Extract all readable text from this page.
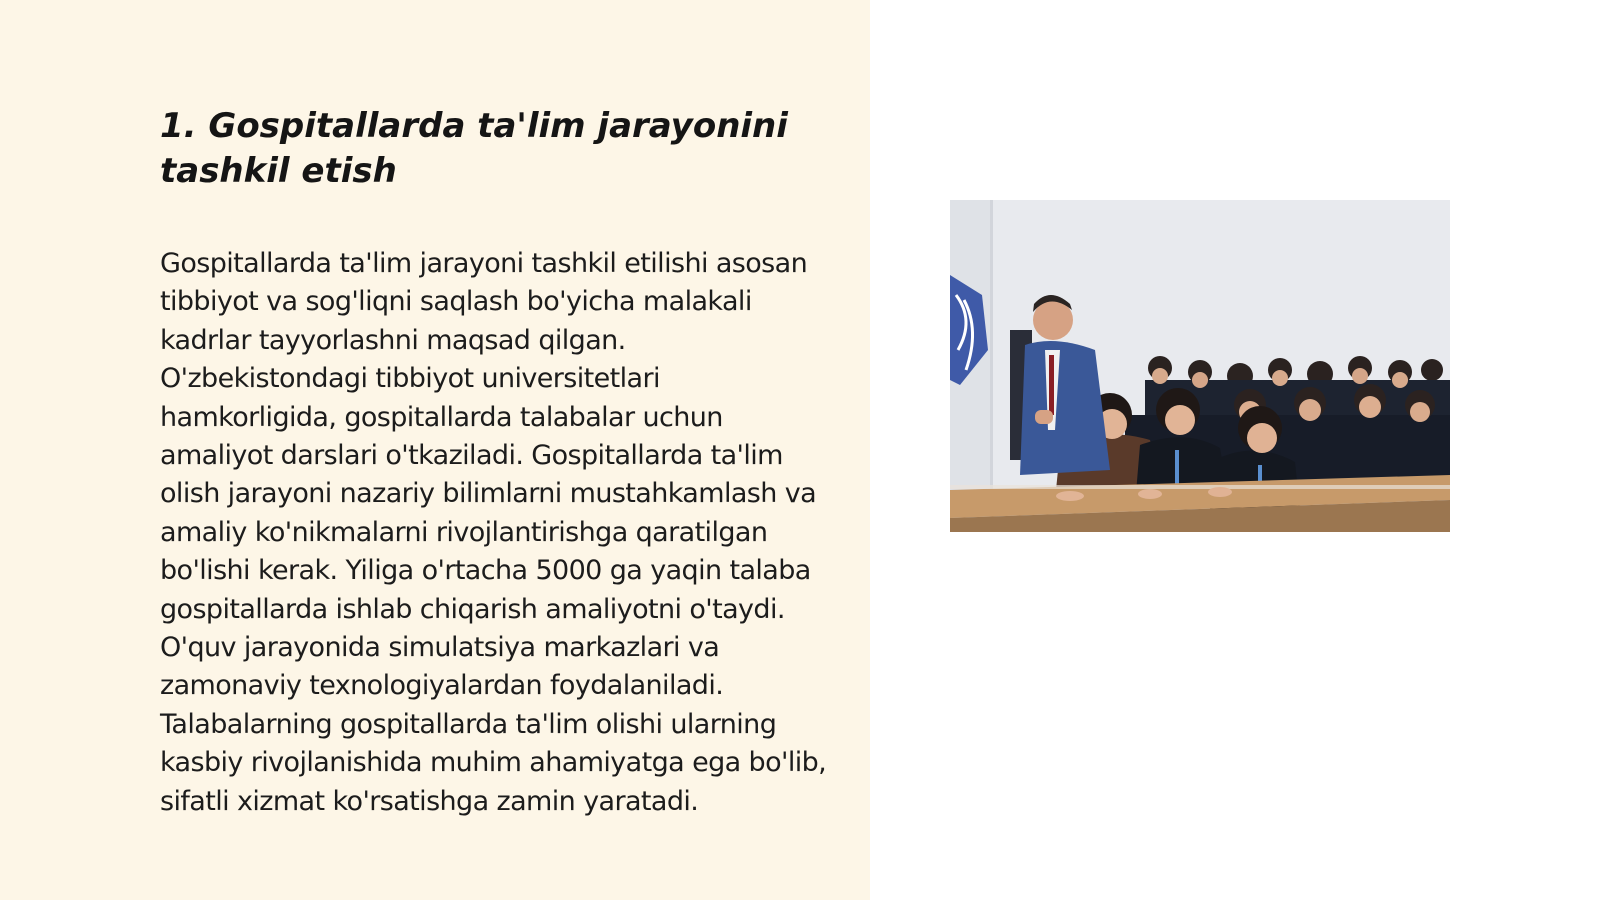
1. Gospitallarda ta'lim jarayonini tashkil etish

Gospitallarda ta'lim jarayoni tashkil etilishi asosan tibbiyot va sog'liqni saqlash bo'yicha malakali kadrlar tayyorlashni maqsad qilgan. O'zbekistondagi tibbiyot universitetlari hamkorligida, gospitallarda talabalar uchun amaliyot darslari o'tkaziladi. Gospitallarda ta'lim olish jarayoni nazariy bilimlarni mustahkamlash va amaliy ko'nikmalarni rivojlantirishga qaratilgan bo'lishi kerak. Yiliga o'rtacha 5000 ga yaqin talaba gospitallarda ishlab chiqarish amaliyotni o'taydi. O'quv jarayonida simulatsiya markazlari va zamonaviy texnologiyalardan foydalaniladi. Talabalarning gospitallarda ta'lim olishi ularning kasbiy rivojlanishida muhim ahamiyatga ega bo'lib, sifatli xizmat ko'rsatishga zamin yaratadi.
